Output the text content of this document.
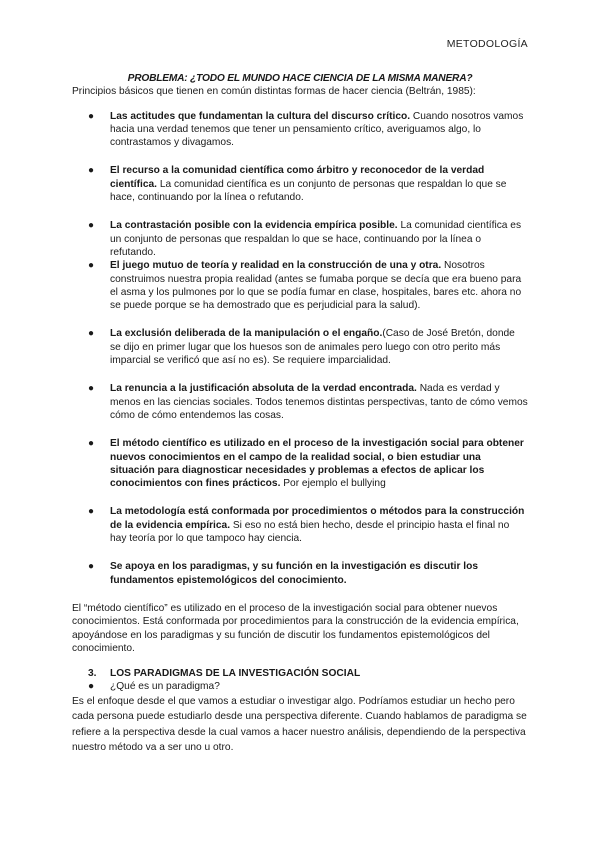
METODOLOGÍA

PROBLEMA: ¿TODO EL MUNDO HACE CIENCIA DE LA MISMA MANERA?

Principios básicos que tienen en común distintas formas de hacer ciencia (Beltrán, 1985):

● Las actitudes que fundamentan la cultura del discurso crítico. Cuando nosotros vamos hacia una verdad tenemos que tener un pensamiento crítico, averiguamos algo, lo contrastamos y divagamos.
● El recurso a la comunidad científica como árbitro y reconocedor de la verdad científica. La comunidad científica es un conjunto de personas que respaldan lo que se hace, continuando por la línea o refutando.
● La contrastación posible con la evidencia empírica posible. La comunidad científica es un conjunto de personas que respaldan lo que se hace, continuando por la línea o refutando.
● El juego mutuo de teoría y realidad en la construcción de una y otra. Nosotros construimos nuestra propia realidad (antes se fumaba porque se decía que era bueno para el asma y los pulmones por lo que se podía fumar en clase, hospitales, bares etc. ahora no se puede porque se ha demostrado que es perjudicial para la salud).
● La exclusión deliberada de la manipulación o el engaño.(Caso de José Bretón, donde se dijo en primer lugar que los huesos son de animales pero luego con otro perito más imparcial se verificó que así no es). Se requiere imparcialidad.
● La renuncia a la justificación absoluta de la verdad encontrada. Nada es verdad y menos en las ciencias sociales. Todos tenemos distintas perspectivas, tanto de cómo vemos cómo de cómo entendemos las cosas.
● El método científico es utilizado en el proceso de la investigación social para obtener nuevos conocimientos en el campo de la realidad social, o bien estudiar una situación para diagnosticar necesidades y problemas a efectos de aplicar los conocimientos con fines prácticos. Por ejemplo el bullying
● La metodología está conformada por procedimientos o métodos para la construcción de la evidencia empírica. Si eso no está bien hecho, desde el principio hasta el final no hay teoría por lo que tampoco hay ciencia.
● Se apoya en los paradigmas, y su función en la investigación es discutir los fundamentos epistemológicos del conocimiento.

El “método científico” es utilizado en el proceso de la investigación social para obtener nuevos conocimientos. Está conformada por procedimientos para la construcción de la evidencia empírica, apoyándose en los paradigmas y su función de discutir los fundamentos epistemológicos del conocimiento.

3. LOS PARADIGMAS DE LA INVESTIGACIÓN SOCIAL
● ¿Qué es un paradigma?

Es el enfoque desde el que vamos a estudiar o investigar algo. Podríamos estudiar un hecho pero cada persona puede estudiarlo desde una perspectiva diferente. Cuando hablamos de paradigma se refiere a la perspectiva desde la cual vamos a hacer nuestro análisis, dependiendo de la perspectiva nuestro método va a ser uno u otro.
